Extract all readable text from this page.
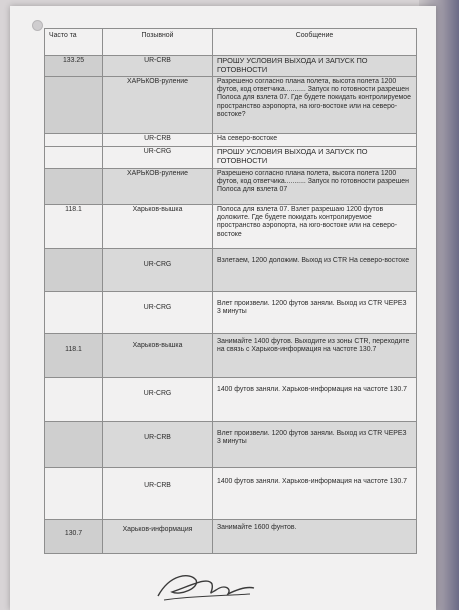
Часто та	Позывной	Сообщение
133.25	UR-CRB	ПРОШУ УСЛОВИЯ ВЫХОДА И ЗАПУСК ПО ГОТОВНОСТИ
	ХАРЬКОВ-руление	Разрешено согласно плана полета, высота полета 1200 футов, код ответчика........... Запуск по готовности разрешен Полоса для взлета 07. Где будете покидать контролируемое пространство аэропорта, на юго-востоке или на северо-востоке?
	UR-CRB	На северо-востоке
	UR-CRG	ПРОШУ УСЛОВИЯ ВЫХОДА И ЗАПУСК ПО ГОТОВНОСТИ
	ХАРЬКОВ-руление	Разрешено согласно плана полета, высота полета 1200 футов, код ответчика........... Запуск по готовности разрешен Полоса для взлета 07
118.1	Харьков-вышка	Полоса для взлета 07. Взлет разрешаю 1200 футов доложите. Где будете покидать контролируемое пространство аэропорта, на юго-востоке или на северо-востоке
	UR-CRG	Взлетаем, 1200 доложим. Выход из CTR На северо-востоке
	UR-CRG	Влет произвели. 1200 футов заняли. Выход из CTR ЧЕРЕЗ 3 минуты
118.1	Харьков-вышка	Занимайте 1400 футов. Выходите из зоны CTR, переходите на связь с Харьков-информация на частоте 130.7
	UR-CRG	1400 футов заняли. Харьков-информация на частоте 130.7
	UR-CRB	Влет произвели. 1200 футов заняли. Выход из CTR ЧЕРЕЗ 3 минуты
	UR-CRB	1400 футов заняли. Харьков-информация на частоте 130.7
130.7	Харьков-информация	Занимайте 1600 фунтов.
